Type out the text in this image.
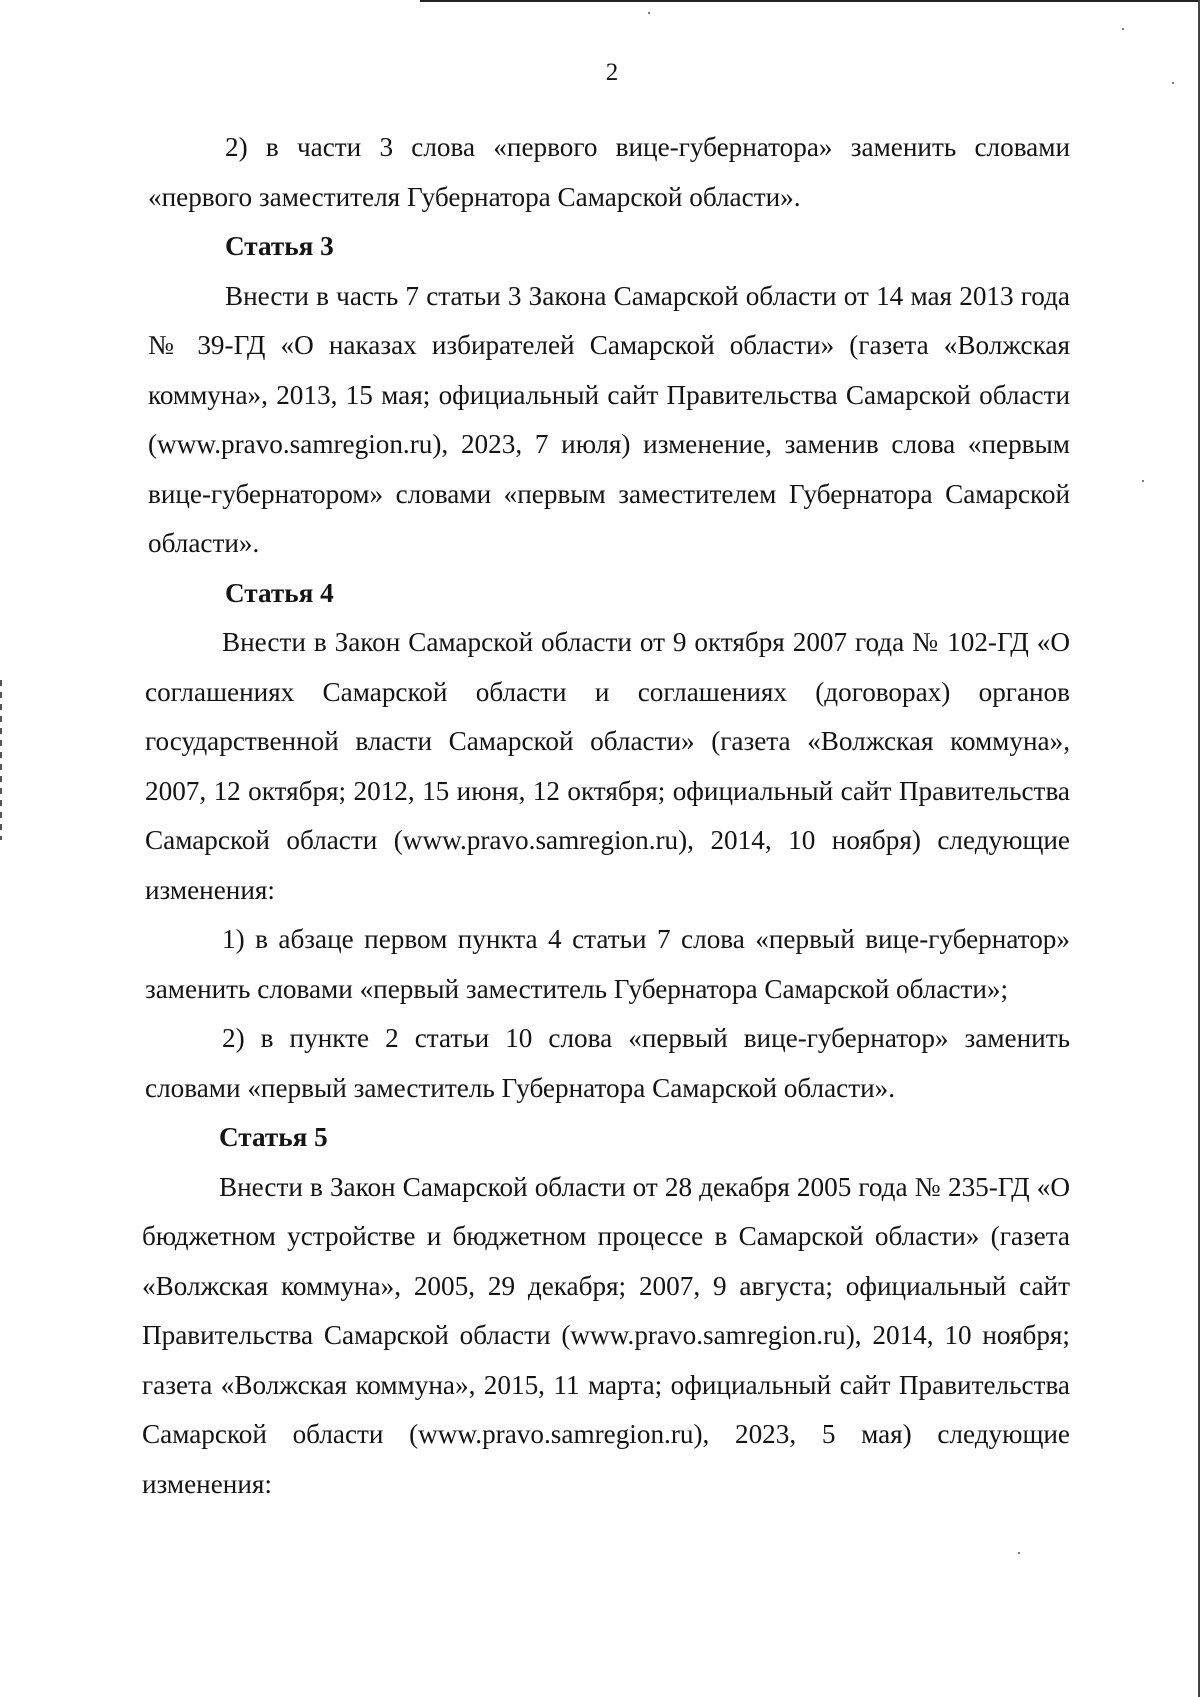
2

2) в части 3 слова «первого вице-губернатора» заменить словами «первого заместителя Губернатора Самарской области».

Статья 3

Внести в часть 7 статьи 3 Закона Самарской области от 14 мая 2013 года № 39-ГД «О наказах избирателей Самарской области» (газета «Волжская коммуна», 2013, 15 мая; официальный сайт Правительства Самарской области (www.pravo.samregion.ru), 2023, 7 июля) изменение, заменив слова «первым вице-губернатором» словами «первым заместителем Губернатора Самарской области».

Статья 4

Внести в Закон Самарской области от 9 октября 2007 года № 102-ГД «О соглашениях Самарской области и соглашениях (договорах) органов государственной власти Самарской области» (газета «Волжская коммуна», 2007, 12 октября; 2012, 15 июня, 12 октября; официальный сайт Правительства Самарской области (www.pravo.samregion.ru), 2014, 10 ноября) следующие изменения:

1) в абзаце первом пункта 4 статьи 7 слова «первый вице-губернатор» заменить словами «первый заместитель Губернатора Самарской области»;

2) в пункте 2 статьи 10 слова «первый вице-губернатор» заменить словами «первый заместитель Губернатора Самарской области».

Статья 5

Внести в Закон Самарской области от 28 декабря 2005 года № 235-ГД «О бюджетном устройстве и бюджетном процессе в Самарской области» (газета «Волжская коммуна», 2005, 29 декабря; 2007, 9 августа; официальный сайт Правительства Самарской области (www.pravo.samregion.ru), 2014, 10 ноября; газета «Волжская коммуна», 2015, 11 марта; официальный сайт Правительства Самарской области (www.pravo.samregion.ru), 2023, 5 мая) следующие изменения:
